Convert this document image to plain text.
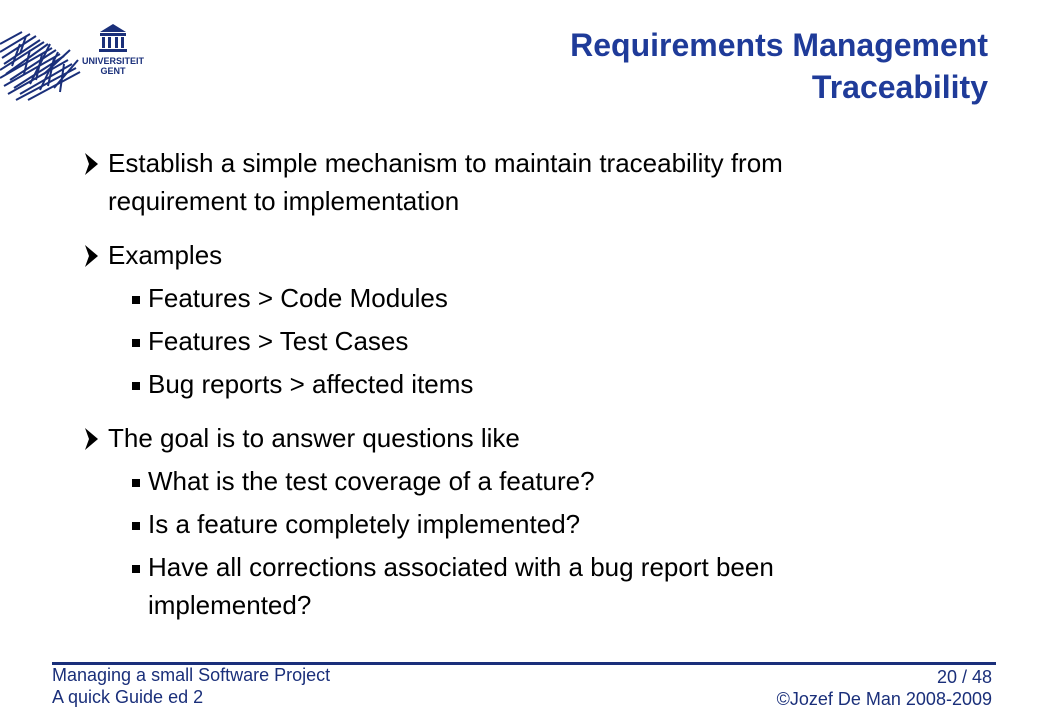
UNIVERSITEIT
GENT
Requirements Management
Traceability
Establish a simple mechanism to maintain traceability from
requirement to implementation
Examples
Features > Code Modules
Features > Test Cases
Bug reports > affected items
The goal is to answer questions like
What is the test coverage of a feature?
Is a feature completely implemented?
Have all corrections associated with a bug report been
implemented?
Managing a small Software Project
A quick Guide ed 2
20 / 48
©Jozef De Man 2008-2009
